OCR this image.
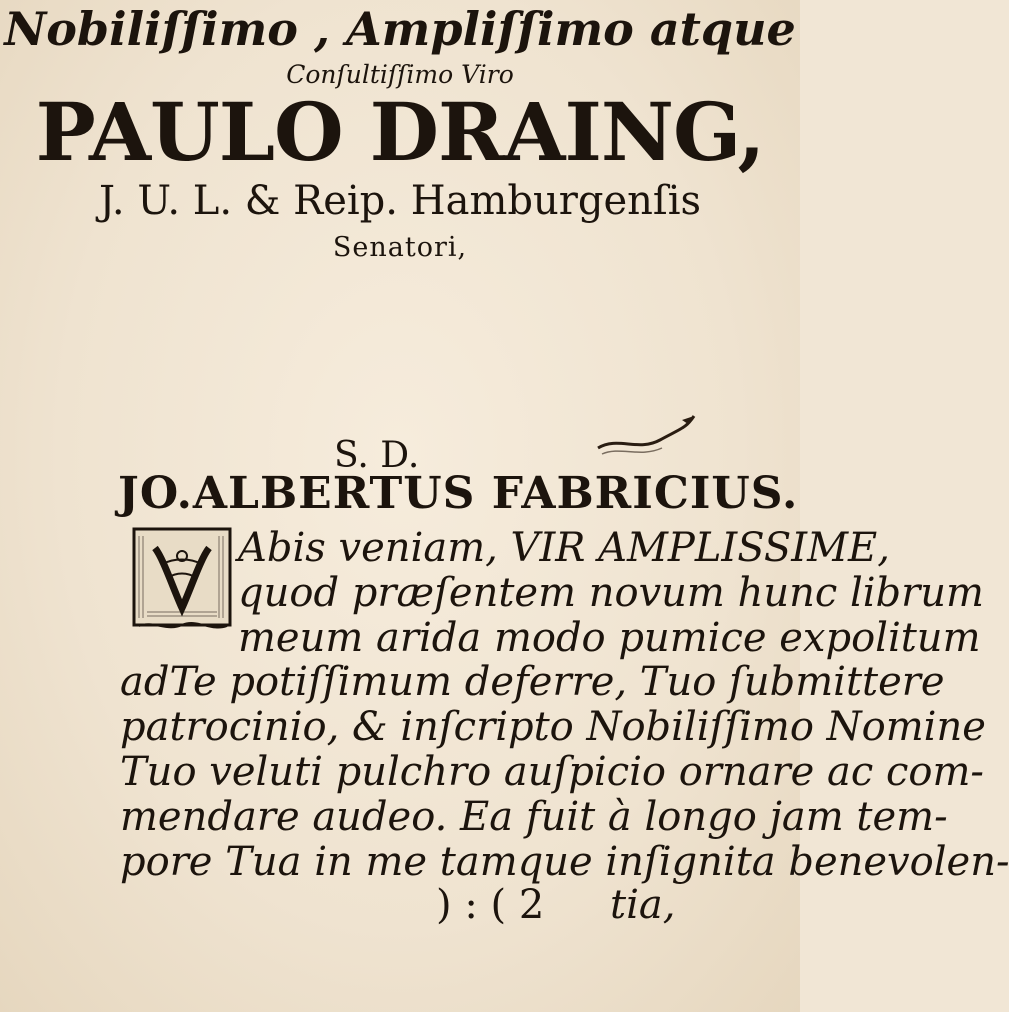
Nobiliſſimo , Ampliſſimo atque
Conſultiſſimo Viro
PAULO DRAING,
J. U. L. & Reip. Hamburgenſis
Senatori,
S. D.
JO.ALBERTUS FABRICIUS.
Abis veniam, VIR AMPLISSIME,
quod præſentem novum hunc librum
meum arida modo pumice expolitum
adTe potiſſimum deferre, Tuo ſubmittere
patrocinio, & inſcripto Nobiliſſimo Nomine
Tuo veluti pulchro auſpicio ornare ac com-
mendare audeo. Ea fuit à longo jam tem-
pore Tua in me tamque inſignita benevolen-
) : ( 2 tia,
